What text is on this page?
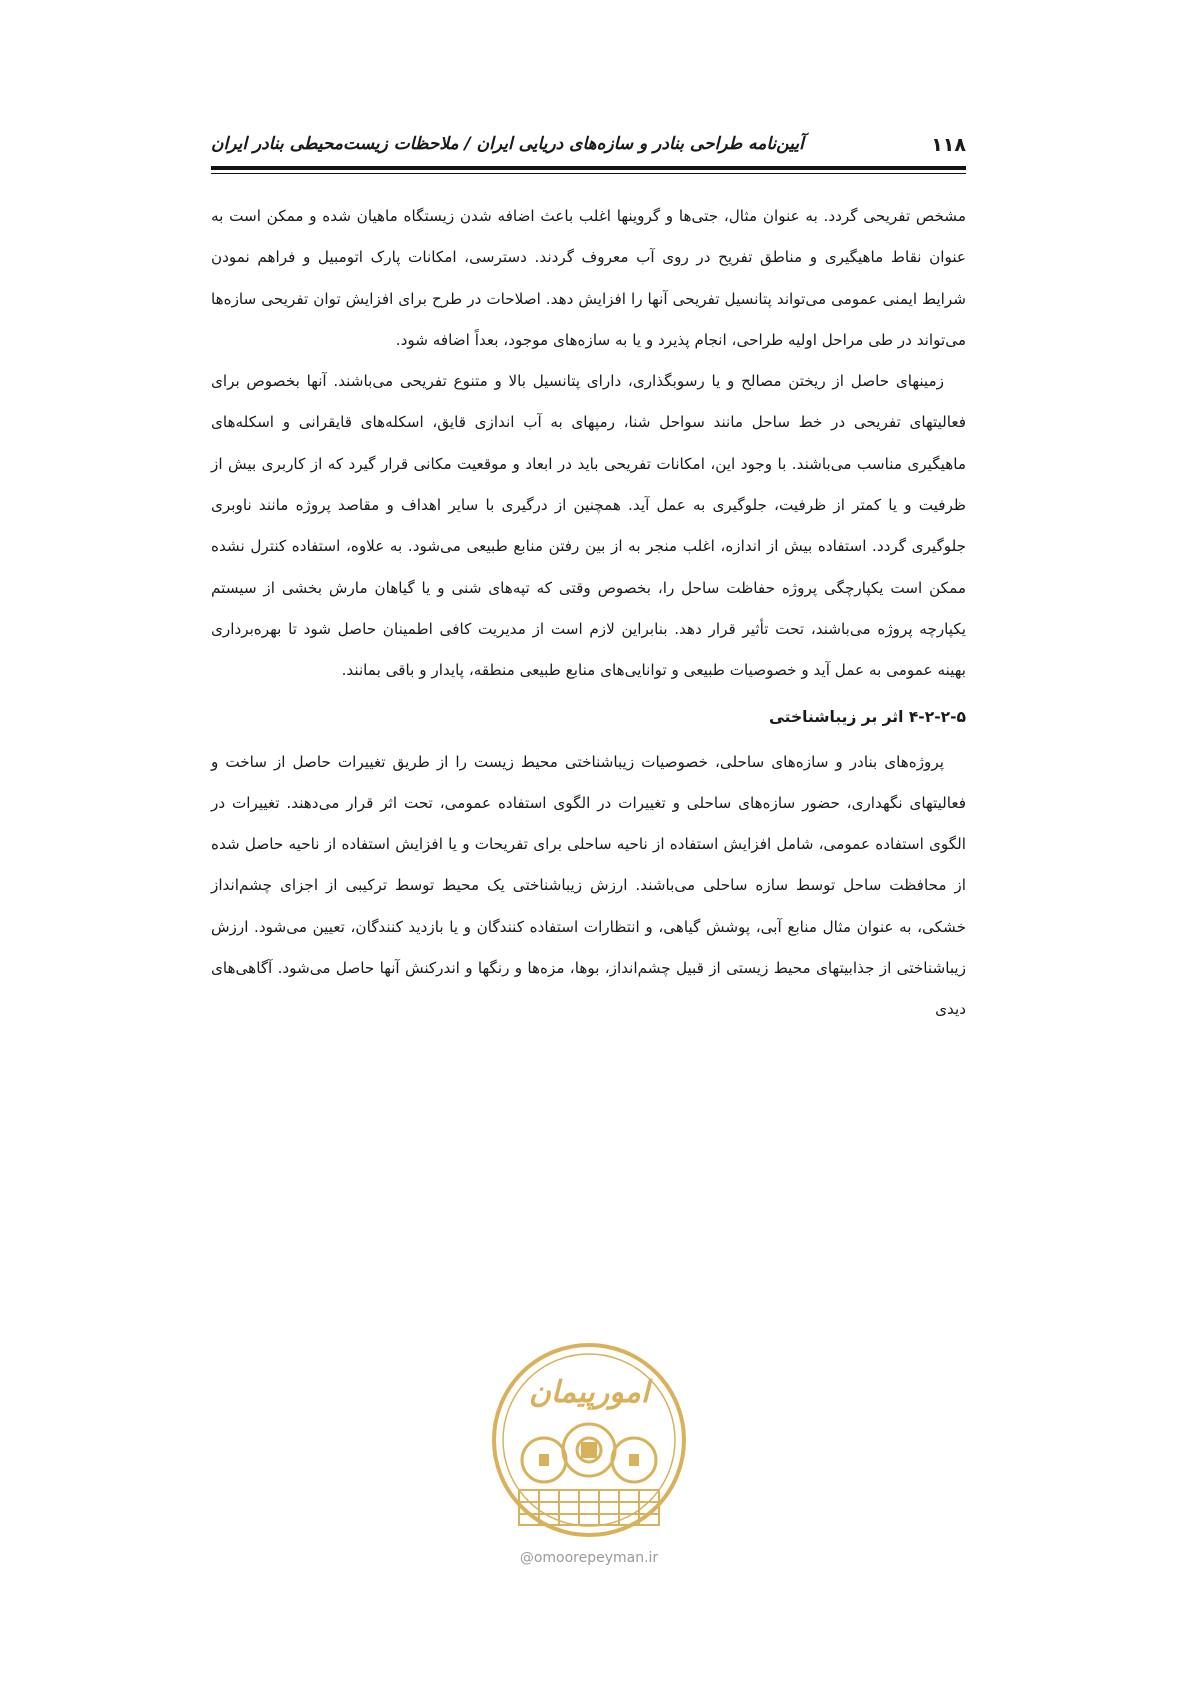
۱۱۸
آیین‌نامه طراحی بنادر و سازه‌های دریایی ایران / ملاحظات زیست‌محیطی بنادر ایران

مشخص تفریحی گردد. به عنوان مثال، جتی‌ها و گروینها اغلب باعث اضافه شدن زیستگاه ماهیان شده و ممکن است به عنوان نقاط ماهیگیری و مناطق تفریح در روی آب معروف گردند. دسترسی، امکانات پارک اتومبیل و فراهم نمودن شرایط ایمنی عمومی می‌تواند پتانسیل تفریحی آنها را افزایش دهد. اصلاحات در طرح برای افزایش توان تفریحی سازه‌ها می‌تواند در طی مراحل اولیه طراحی، انجام پذیرد و یا به سازه‌های موجود، بعداً اضافه شود.

زمینهای حاصل از ریختن مصالح و یا رسوبگذاری، دارای پتانسیل بالا و متنوع تفریحی می‌باشند. آنها بخصوص برای فعالیتهای تفریحی در خط ساحل مانند سواحل شنا، رمپهای به آب اندازی قایق، اسکله‌های قایقرانی و اسکله‌های ماهیگیری مناسب می‌باشند. با وجود این، امکانات تفریحی باید در ابعاد و موقعیت مکانی قرار گیرد که از کاربری بیش از ظرفیت و یا کمتر از ظرفیت، جلوگیری به عمل آید. همچنین از درگیری با سایر اهداف و مقاصد پروژه مانند ناوبری جلوگیری گردد. استفاده بیش از اندازه، اغلب منجر به از بین رفتن منابع طبیعی می‌شود. به علاوه، استفاده کنترل نشده ممکن است یکپارچگی پروژه حفاظت ساحل را، بخصوص وقتی که تپه‌های شنی و یا گیاهان مارش بخشی از سیستم یکپارچه پروژه می‌باشند، تحت تأثیر قرار دهد. بنابراین لازم است از مدیریت کافی اطمینان حاصل شود تا بهره‌برداری بهینه عمومی به عمل آید و خصوصیات طبیعی و توانایی‌های منابع طبیعی منطقه، پایدار و باقی بمانند.

۴-۲-۲-۵ اثر بر زیباشناختی

پروژه‌های بنادر و سازه‌های ساحلی، خصوصیات زیباشناختی محیط زیست را از طریق تغییرات حاصل از ساخت و فعالیتهای نگهداری، حضور سازه‌های ساحلی و تغییرات در الگوی استفاده عمومی، تحت اثر قرار می‌دهند. تغییرات در الگوی استفاده عمومی، شامل افزایش استفاده از ناحیه ساحلی برای تفریحات و یا افزایش استفاده از ناحیه حاصل شده از محافظت ساحل توسط سازه ساحلی می‌باشند. ارزش زیباشناختی یک محیط توسط ترکیبی از اجزای چشم‌انداز خشکی، به عنوان مثال منابع آبی، پوشش گیاهی، و انتظارات استفاده کنندگان و یا بازدید کنندگان، تعیین می‌شود. ارزش زیباشناختی از جذابیتهای محیط زیستی از قبیل چشم‌انداز، بوها، مزه‌ها و رنگها و اندرکنش آنها حاصل می‌شود. آگاهی‌های دیدی

امورپیمان
@omoorepeyman.ir
